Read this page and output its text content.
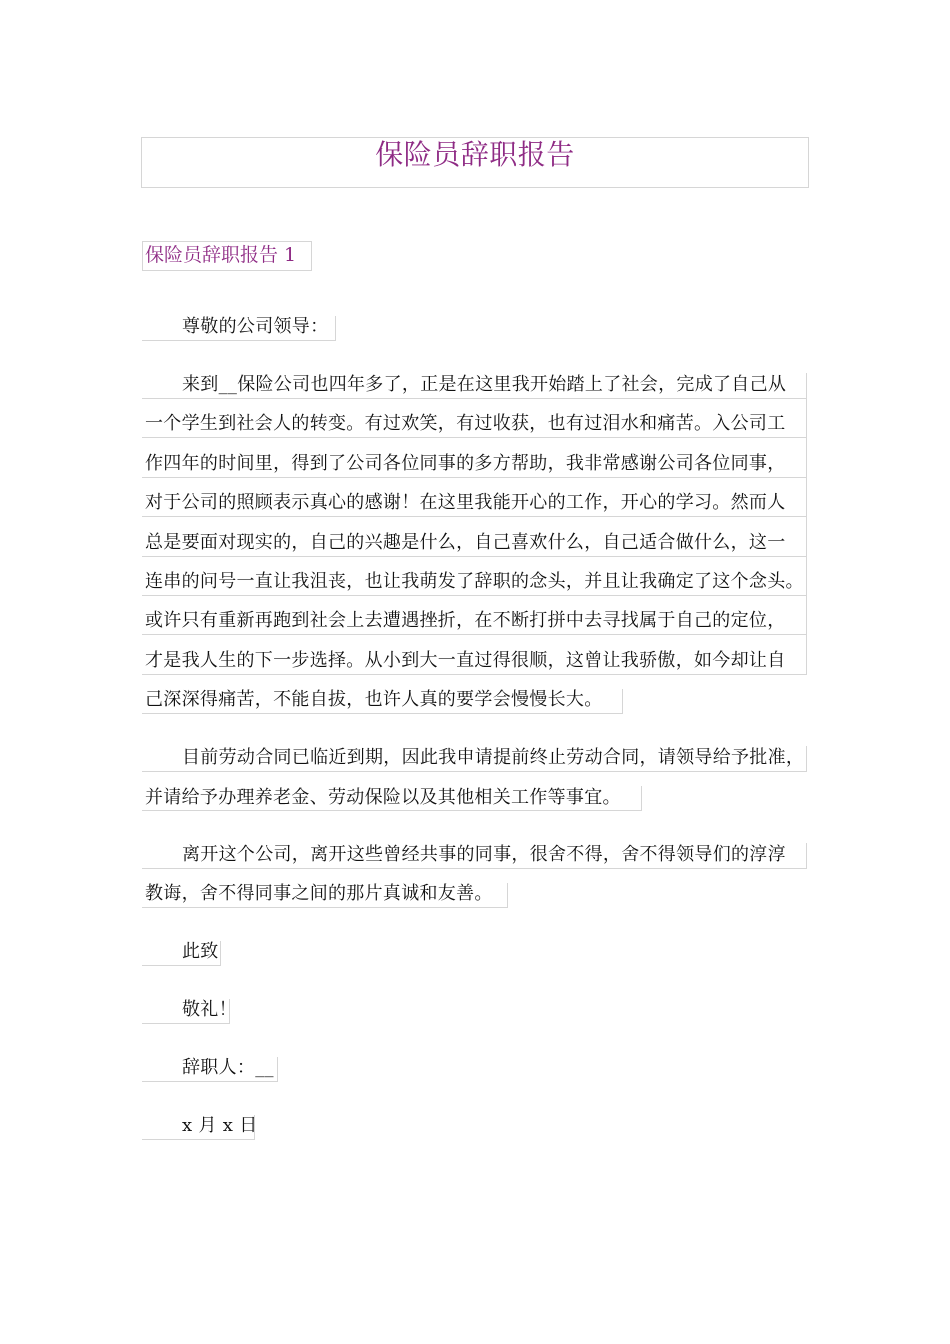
保险员辞职报告
保险员辞职报告 1
尊敬的公司领导：
来到__保险公司也四年多了，正是在这里我开始踏上了社会，完成了自己从
一个学生到社会人的转变。有过欢笑，有过收获，也有过泪水和痛苦。入公司工
作四年的时间里，得到了公司各位同事的多方帮助，我非常感谢公司各位同事，
对于公司的照顾表示真心的感谢！在这里我能开心的工作，开心的学习。然而人
总是要面对现实的，自己的兴趣是什么，自己喜欢什么，自己适合做什么，这一
连串的问号一直让我沮丧，也让我萌发了辞职的念头，并且让我确定了这个念头。
或许只有重新再跑到社会上去遭遇挫折，在不断打拼中去寻找属于自己的定位，
才是我人生的下一步选择。从小到大一直过得很顺，这曾让我骄傲，如今却让自
己深深得痛苦，不能自拔，也许人真的要学会慢慢长大。
目前劳动合同已临近到期，因此我申请提前终止劳动合同，请领导给予批准，
并请给予办理养老金、劳动保险以及其他相关工作等事宜。
离开这个公司，离开这些曾经共事的同事，很舍不得，舍不得领导们的淳淳
教诲，舍不得同事之间的那片真诚和友善。
此致
敬礼！
辞职人：__
x 月 x 日
